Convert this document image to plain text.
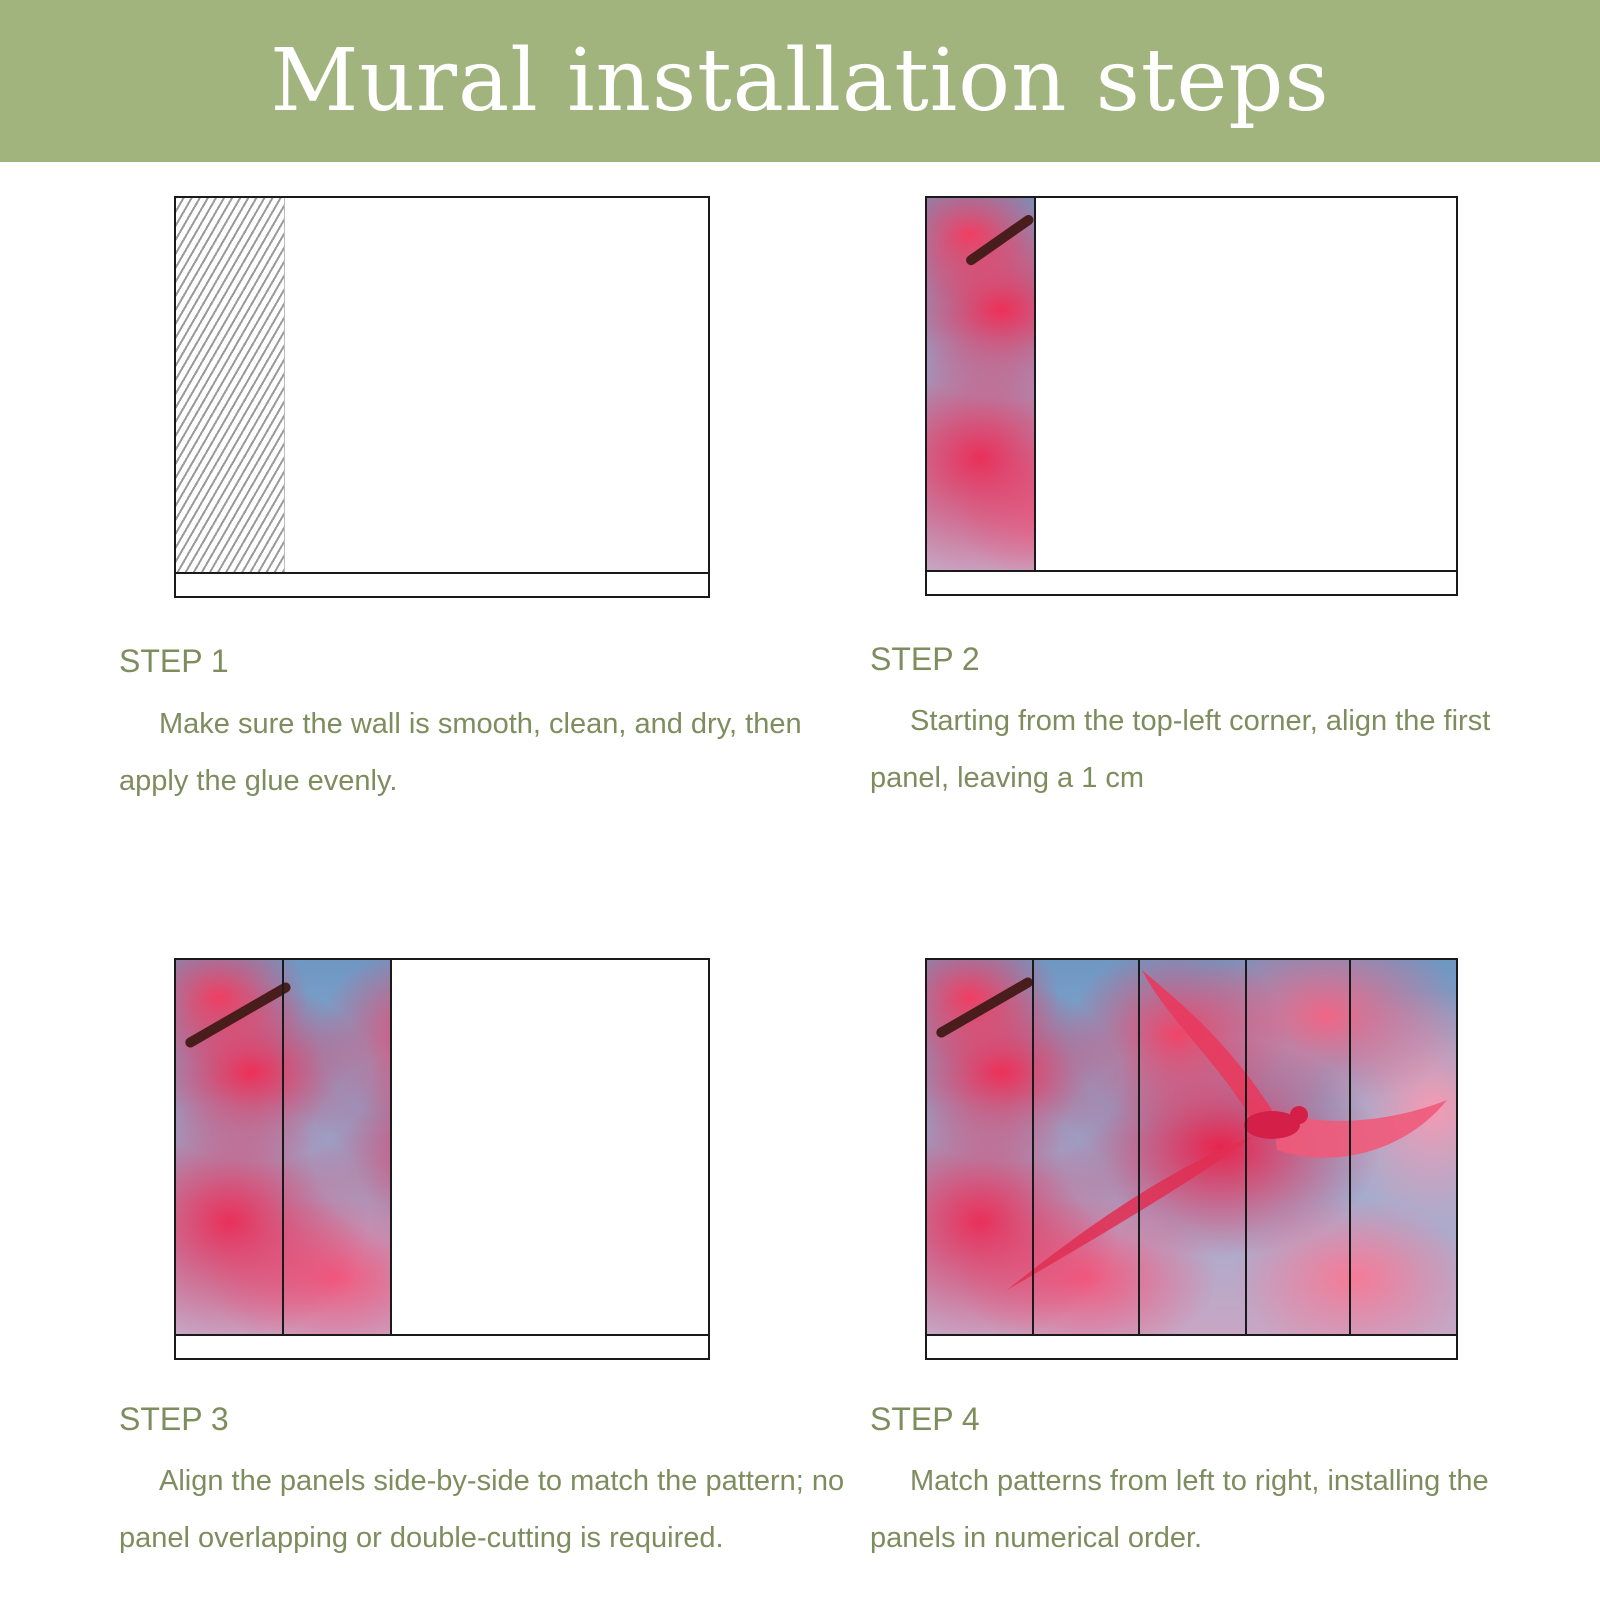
Mural installation steps

STEP 1

Make sure the wall is smooth, clean, and dry, then apply the glue evenly.

STEP 2

Starting from the top-left corner, align the first panel, leaving a 1 cm

STEP 3

Align the panels side-by-side to match the pattern; no panel overlapping or double-cutting is required.

STEP 4

Match patterns from left to right, installing the panels in numerical order.
